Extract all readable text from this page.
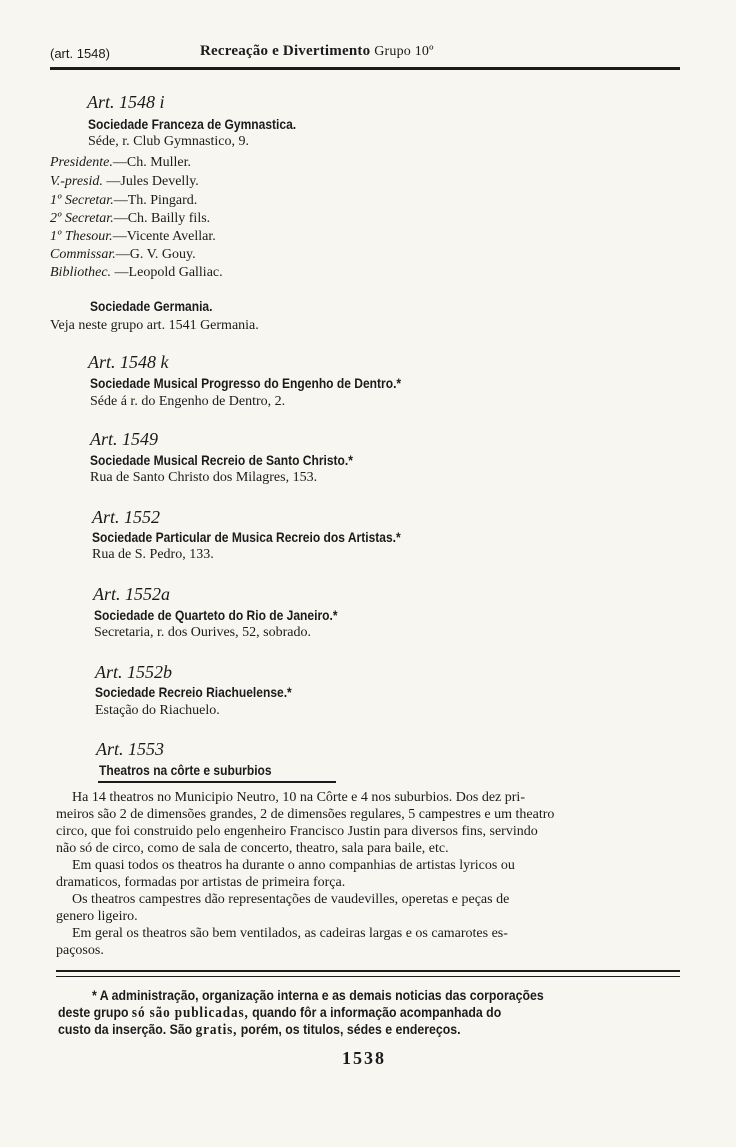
(art. 1548)	Recreação e Divertimento Grupo 10º
Art. 1548 i
Sociedade Franceza de Gymnastica.
Séde, r. Club Gymnastico, 9.
Presidente.—Ch. Muller.
V.-presid. —Jules Develly.
1º Secretar.—Th. Pingard.
2º Secretar.—Ch. Bailly fils.
1º Thesour.—Vicente Avellar.
Commissar.—G. V. Gouy.
Bibliothec. —Leopold Galliac.
Sociedade Germania.
Veja neste grupo art. 1541 Germania.
Art. 1548 k
Sociedade Musical Progresso do Engenho de Dentro.*
Séde á r. do Engenho de Dentro, 2.
Art. 1549
Sociedade Musical Recreio de Santo Christo.*
Rua de Santo Christo dos Milagres, 153.
Art. 1552
Sociedade Particular de Musica Recreio dos Artistas.*
Rua de S. Pedro, 133.
Art. 1552a
Sociedade de Quarteto do Rio de Janeiro.*
Secretaria, r. dos Ourives, 52, sobrado.
Art. 1552b
Sociedade Recreio Riachuelense.*
Estação do Riachuelo.
Art. 1553
Theatros na côrte e suburbios
Ha 14 theatros no Municipio Neutro, 10 na Côrte e 4 nos suburbios. Dos dez pri-
meiros são 2 de dimensões grandes, 2 de dimensões regulares, 5 campestres e um theatro
circo, que foi construido pelo engenheiro Francisco Justin para diversos fins, servindo
não só de circo, como de sala de concerto, theatro, sala para baile, etc.
Em quasi todos os theatros ha durante o anno companhias de artistas lyricos ou
dramaticos, formadas por artistas de primeira força.
Os theatros campestres dão representações de vaudevilles, operetas e peças de
genero ligeiro.
Em geral os theatros são bem ventilados, as cadeiras largas e os camarotes es-
paçosos.
* A administração, organização interna e as demais noticias das corporações
deste grupo só são publicadas, quando fôr a informação acompanhada do
custo da inserção. São gratis, porém, os titulos, sédes e endereços.
1538
